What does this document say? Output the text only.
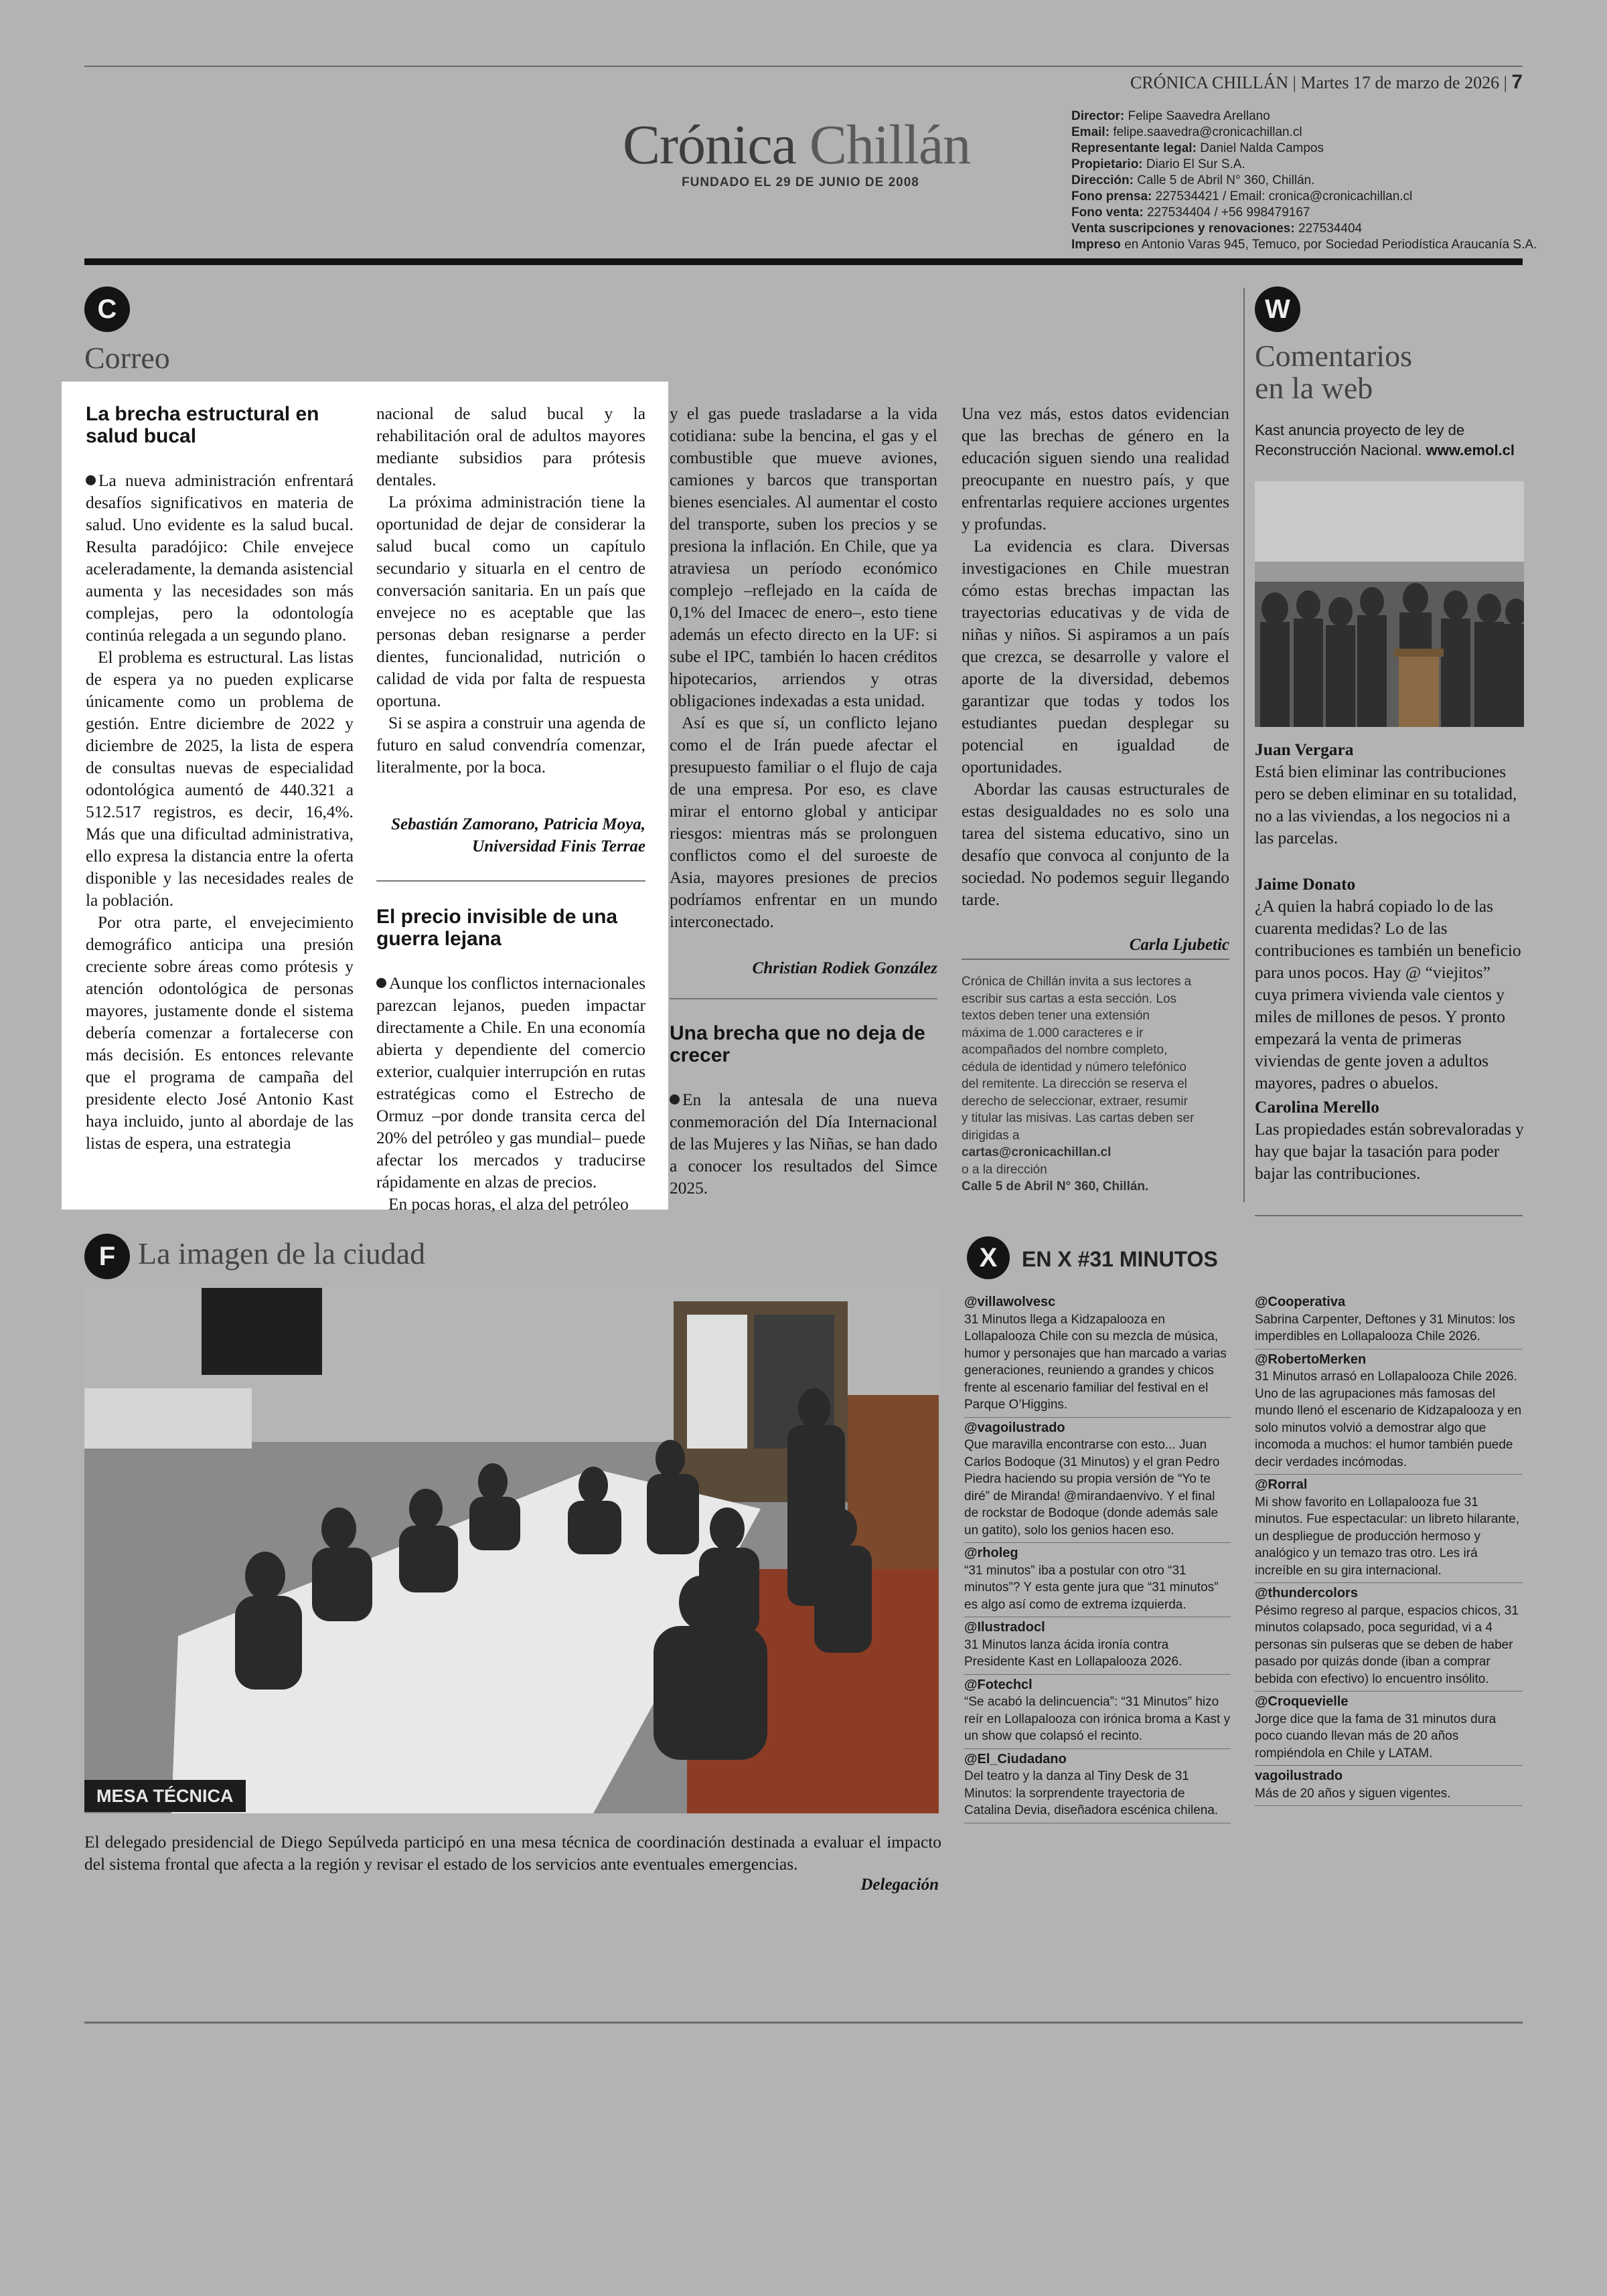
CRÓNICA CHILLÁN | Martes 17 de marzo de 2026 | 7
Crónica Chillán
FUNDADO EL 29 DE JUNIO DE 2008
Director: Felipe Saavedra Arellano
Email: felipe.saavedra@cronicachillan.cl
Representante legal: Daniel Nalda Campos
Propietario: Diario El Sur S.A.
Dirección: Calle 5 de Abril N° 360, Chillán.
Fono prensa: 227534421 / Email: cronica@cronicachillan.cl
Fono venta: 227534404 / +56 998479167
Venta suscripciones y renovaciones: 227534404
Impreso en Antonio Varas 945, Temuco, por Sociedad Periodística Araucanía S.A.
C
Correo
La brecha estructural en salud bucal

La nueva administración enfrentará desafíos significativos en materia de salud. Uno evidente es la salud bucal. Resulta paradójico: Chile envejece aceleradamente, la demanda asistencial aumenta y las necesidades son más complejas, pero la odontología continúa relegada a un segundo plano.

El problema es estructural. Las listas de espera ya no pueden explicarse únicamente como un problema de gestión. Entre diciembre de 2022 y diciembre de 2025, la lista de espera de consultas nuevas de especialidad odontológica aumentó de 440.321 a 512.517 registros, es decir, 16,4%. Más que una dificultad administrativa, ello expresa la distancia entre la oferta disponible y las necesidades reales de la población.

Por otra parte, el envejecimiento demográfico anticipa una presión creciente sobre áreas como prótesis y atención odontológica de personas mayores, justamente donde el sistema debería comenzar a fortalecerse con más decisión. Es entonces relevante que el programa de campaña del presidente electo José Antonio Kast haya incluido, junto al abordaje de las listas de espera, una estrategia

nacional de salud bucal y la rehabilitación oral de adultos mayores mediante subsidios para prótesis dentales.

La próxima administración tiene la oportunidad de dejar de considerar la salud bucal como un capítulo secundario y situarla en el centro de conversación sanitaria. En un país que envejece no es aceptable que las personas deban resignarse a perder dientes, funcionalidad, nutrición o calidad de vida por falta de respuesta oportuna.

Si se aspira a construir una agenda de futuro en salud convendría comenzar, literalmente, por la boca.

Sebastián Zamorano, Patricia Moya, Universidad Finis Terrae
El precio invisible de una guerra lejana

Aunque los conflictos internacionales parezcan lejanos, pueden impactar directamente a Chile. En una economía abierta y dependiente del comercio exterior, cualquier interrupción en rutas estratégicas como el Estrecho de Ormuz –por donde transita cerca del 20% del petróleo y gas mundial– puede afectar los mercados y traducirse rápidamente en alzas de precios.

En pocas horas, el alza del petróleo

y el gas puede trasladarse a la vida cotidiana: sube la bencina, el gas y el combustible que mueve aviones, camiones y barcos que transportan bienes esenciales. Al aumentar el costo del transporte, suben los precios y se presiona la inflación. En Chile, que ya atraviesa un período económico complejo –reflejado en la caída de 0,1% del Imacec de enero–, esto tiene además un efecto directo en la UF: si sube el IPC, también lo hacen créditos hipotecarios, arriendos y otras obligaciones indexadas a esta unidad.

Así es que sí, un conflicto lejano como el de Irán puede afectar el presupuesto familiar o el flujo de caja de una empresa. Por eso, es clave mirar el entorno global y anticipar riesgos: mientras más se prolonguen conflictos como el del suroeste de Asia, mayores presiones de precios podríamos enfrentar en un mundo interconectado.

Christian Rodiek González
Una brecha que no deja de crecer

En la antesala de una nueva conmemoración del Día Internacional de las Mujeres y las Niñas, se han dado a conocer los resultados del Simce 2025.

Una vez más, estos datos evidencian que las brechas de género en la educación siguen siendo una realidad preocupante en nuestro país, y que enfrentarlas requiere acciones urgentes y profundas.

La evidencia es clara. Diversas investigaciones en Chile muestran cómo estas brechas impactan las trayectorias educativas y de vida de niñas y niños. Si aspiramos a un país que crezca, se desarrolle y valore el aporte de la diversidad, debemos garantizar que todas y todos los estudiantes puedan desplegar su potencial en igualdad de oportunidades.

Abordar las causas estructurales de estas desigualdades no es solo una tarea del sistema educativo, sino un desafío que convoca al conjunto de la sociedad. No podemos seguir llegando tarde.

Carla Ljubetic
Crónica de Chillán invita a sus lectores a escribir sus cartas a esta sección. Los textos deben tener una extensión máxima de 1.000 caracteres e ir acompañados del nombre completo, cédula de identidad y número telefónico del remitente. La dirección se reserva el derecho de seleccionar, extraer, resumir y titular las misivas. Las cartas deben ser dirigidas a
cartas@cronicachillan.cl
o a la dirección
Calle 5 de Abril N° 360, Chillán.
W
Comentarios
en la web
Kast anuncia proyecto de ley de Reconstrucción Nacional. www.emol.cl
Juan Vergara
Está bien eliminar las contribuciones pero se deben eliminar en su totalidad, no a las viviendas, a los negocios ni a las parcelas.
Jaime Donato
¿A quien la habrá copiado lo de las cuarenta medidas? Lo de las contribuciones es también un beneficio para unos pocos. Hay @ “viejitos” cuya primera vivienda vale cientos y miles de millones de pesos. Y pronto empezará la venta de primeras viviendas de gente joven a adultos mayores, padres o abuelos.
Carolina Merello
Las propiedades están sobrevaloradas y hay que bajar la tasación para poder bajar las contribuciones.
F La imagen de la ciudad
MESA TÉCNICA
El delegado presidencial de Diego Sepúlveda participó en una mesa técnica de coordinación destinada a evaluar el impacto del sistema frontal que afecta a la región y revisar el estado de los servicios ante eventuales emergencias.
Delegación
X	EN X #31 MINUTOS
@villawolvesc
31 Minutos llega a Kidzapalooza en Lollapalooza Chile con su mezcla de música, humor y personajes que han marcado a varias generaciones, reuniendo a grandes y chicos frente al escenario familiar del festival en el Parque O’Higgins.
@vagoilustrado
Que maravilla encontrarse con esto... Juan Carlos Bodoque (31 Minutos) y el gran Pedro Piedra haciendo su propia versión de “Yo te diré” de Miranda! @mirandaenvivo. Y el final de rockstar de Bodoque (donde además sale un gatito), solo los genios hacen eso.
@rholeg
“31 minutos” iba a postular con otro “31 minutos”? Y esta gente jura que “31 minutos” es algo así como de extrema izquierda.
@Ilustradocl
31 Minutos lanza ácida ironía contra Presidente Kast en Lollapalooza 2026.
@Fotechcl
“Se acabó la delincuencia”: “31 Minutos” hizo reír en Lollapalooza con irónica broma a Kast y un show que colapsó el recinto.
@El_Ciudadano
Del teatro y la danza al Tiny Desk de 31 Minutos: la sorprendente trayectoria de Catalina Devia, diseñadora escénica chilena.
@Cooperativa
Sabrina Carpenter, Deftones y 31 Minutos: los imperdibles en Lollapalooza Chile 2026.
@RobertoMerken
31 Minutos arrasó en Lollapalooza Chile 2026. Uno de las agrupaciones más famosas del mundo llenó el escenario de Kidzapalooza y en solo minutos volvió a demostrar algo que incomoda a muchos: el humor también puede decir verdades incómodas.
@Rorral
Mi show favorito en Lollapalooza fue 31 minutos. Fue espectacular: un libreto hilarante, un despliegue de producción hermoso y analógico y un temazo tras otro. Les irá increíble en su gira internacional.
@thundercolors
Pésimo regreso al parque, espacios chicos, 31 minutos colapsado, poca seguridad, vi a 4 personas sin pulseras que se deben de haber pasado por quizás donde (iban a comprar bebida con efectivo) lo encuentro insólito.
@Croquevielle
Jorge dice que la fama de 31 minutos dura poco cuando llevan más de 20 años rompiéndola en Chile y LATAM.
vagoilustrado
Más de 20 años y siguen vigentes.
